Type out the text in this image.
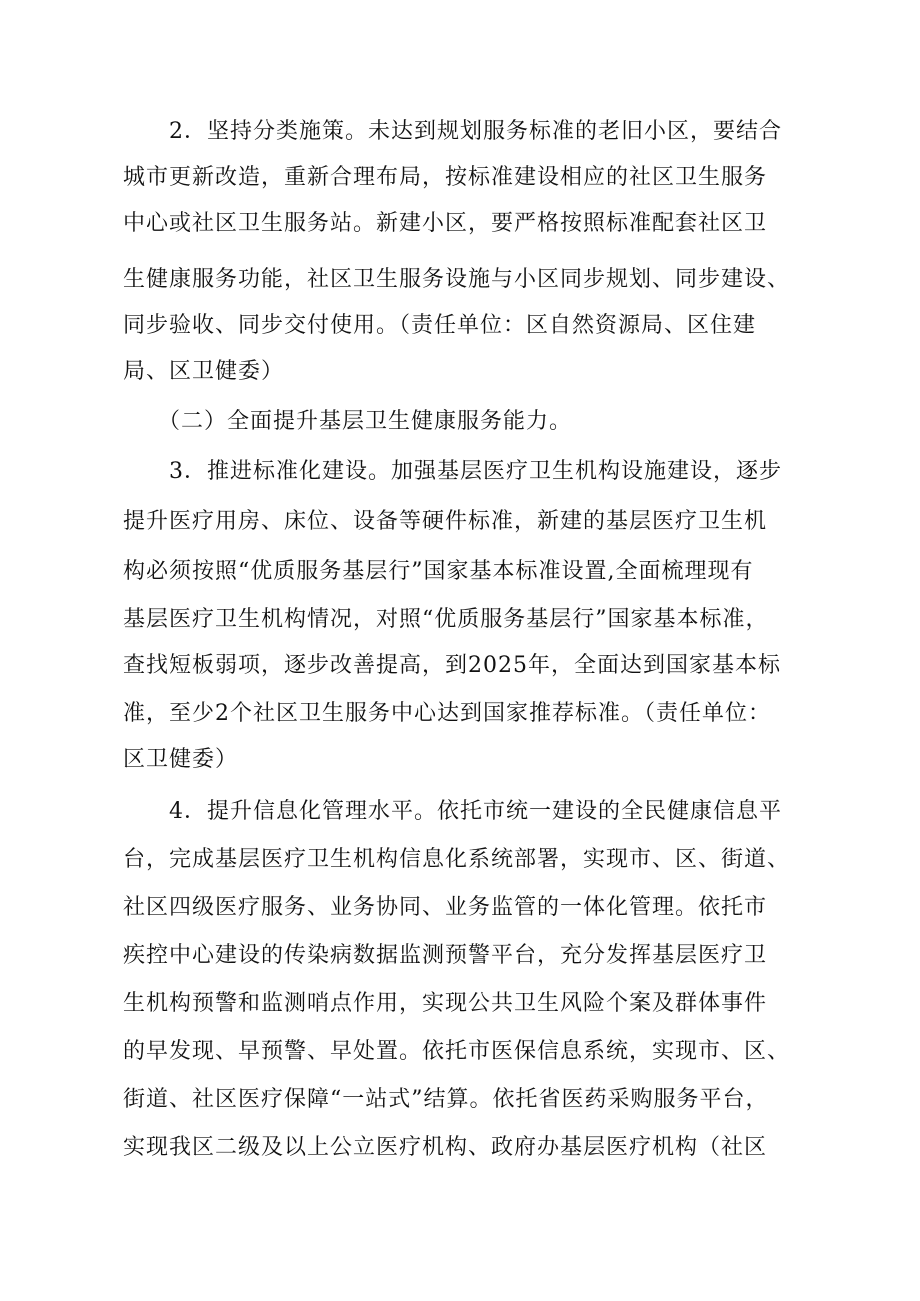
　　2．坚持分类施策。未达到规划服务标准的老旧小区，要结合
城市更新改造，重新合理布局，按标准建设相应的社区卫生服务
中心或社区卫生服务站。新建小区，要严格按照标准配套社区卫
生健康服务功能，社区卫生服务设施与小区同步规划、同步建设、
同步验收、同步交付使用。（责任单位：区自然资源局、区住建
局、区卫健委）
　　（二）全面提升基层卫生健康服务能力。
　　3．推进标准化建设。加强基层医疗卫生机构设施建设，逐步
提升医疗用房、床位、设备等硬件标准，新建的基层医疗卫生机
构必须按照“优质服务基层行”国家基本标准设置,全面梳理现有
基层医疗卫生机构情况，对照“优质服务基层行”国家基本标准，
查找短板弱项，逐步改善提高，到2025年，全面达到国家基本标
准，至少2个社区卫生服务中心达到国家推荐标准。（责任单位：
区卫健委）
　　4．提升信息化管理水平。依托市统一建设的全民健康信息平
台，完成基层医疗卫生机构信息化系统部署，实现市、区、街道、
社区四级医疗服务、业务协同、业务监管的一体化管理。依托市
疾控中心建设的传染病数据监测预警平台，充分发挥基层医疗卫
生机构预警和监测哨点作用，实现公共卫生风险个案及群体事件
的早发现、早预警、早处置。依托市医保信息系统，实现市、区、
街道、社区医疗保障“一站式”结算。依托省医药采购服务平台，
实现我区二级及以上公立医疗机构、政府办基层医疗机构（社区
